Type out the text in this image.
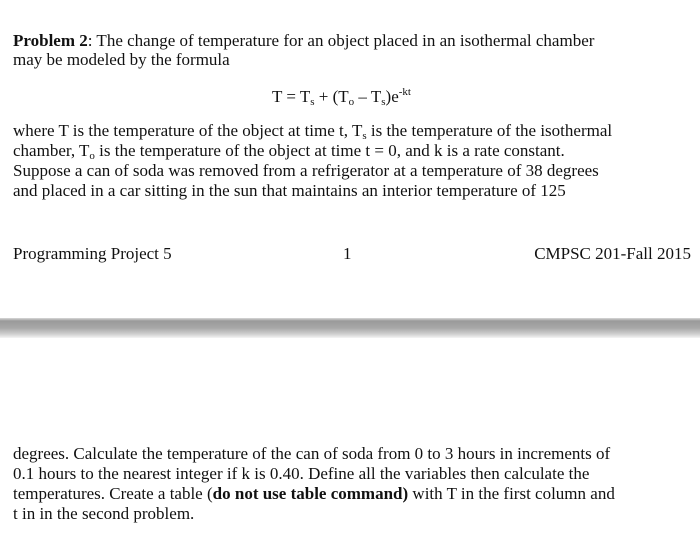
Problem 2: The change of temperature for an object placed in an isothermal chamber
may be modeled by the formula
$T = T_s + (T_o - T_s)e^{-kt}$
where T is the temperature of the object at time t, $T_s$ is the temperature of the isothermal
chamber, $T_o$ is the temperature of the object at time t = 0, and k is a rate constant.
Suppose a can of soda was removed from a refrigerator at a temperature of 38 degrees
and placed in a car sitting in the sun that maintains an interior temperature of 125
Programming Project 5	1	CMPSC 201-Fall 2015
degrees. Calculate the temperature of the can of soda from 0 to 3 hours in increments of
0.1 hours to the nearest integer if k is 0.40. Define all the variables then calculate the
temperatures. Create a table (do not use table command) with T in the first column and
t in in the second problem.
